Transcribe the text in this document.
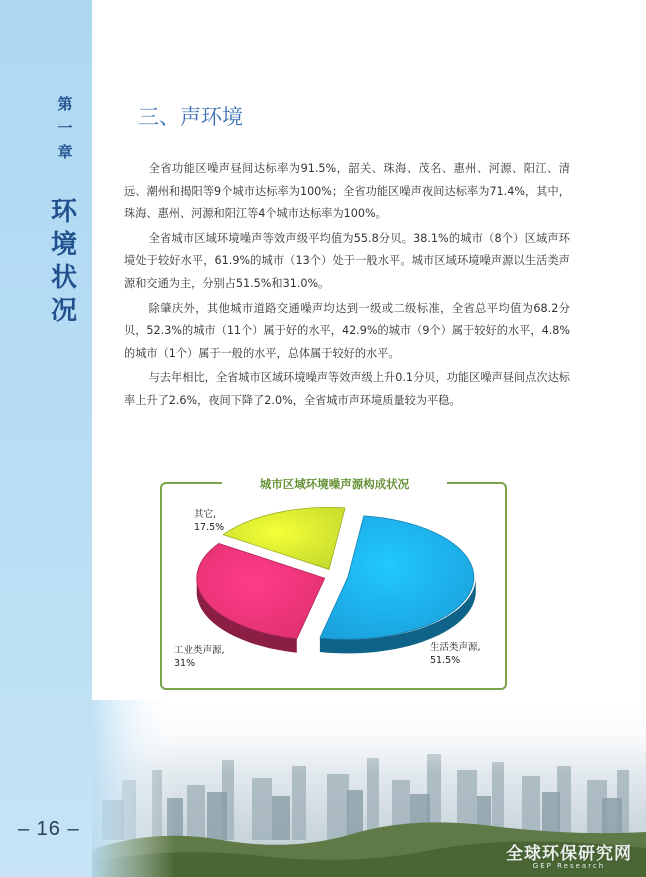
第
一
章
环
境
状
况
– 16 –
三、声环境

全省功能区噪声昼间达标率为91.5%，韶关、珠海、茂名、惠州、河源、阳江、清远、潮州和揭阳等9个城市达标率为100%；全省功能区噪声夜间达标率为71.4%，其中，珠海、惠州、河源和阳江等4个城市达标率为100%。

全省城市区域环境噪声等效声级平均值为55.8分贝。38.1%的城市（8个）区域声环境处于较好水平，61.9%的城市（13个）处于一般水平。城市区域环境噪声源以生活类声源和交通为主，分别占51.5%和31.0%。

除肇庆外，其他城市道路交通噪声均达到一级或二级标准，全省总平均值为68.2分贝，52.3%的城市（11个）属于好的水平，42.9%的城市（9个）属于较好的水平，4.8%的城市（1个）属于一般的水平，总体属于较好的水平。

与去年相比，全省城市区域环境噪声等效声级上升0.1分贝，功能区噪声昼间点次达标率上升了2.6%，夜间下降了2.0%，全省城市声环境质量较为平稳。

城市区域环境噪声源构成状况
其它,
17.5%
工业类声源,
31%
生活类声源,
51.5%
全球环保研究网
GEP Research
